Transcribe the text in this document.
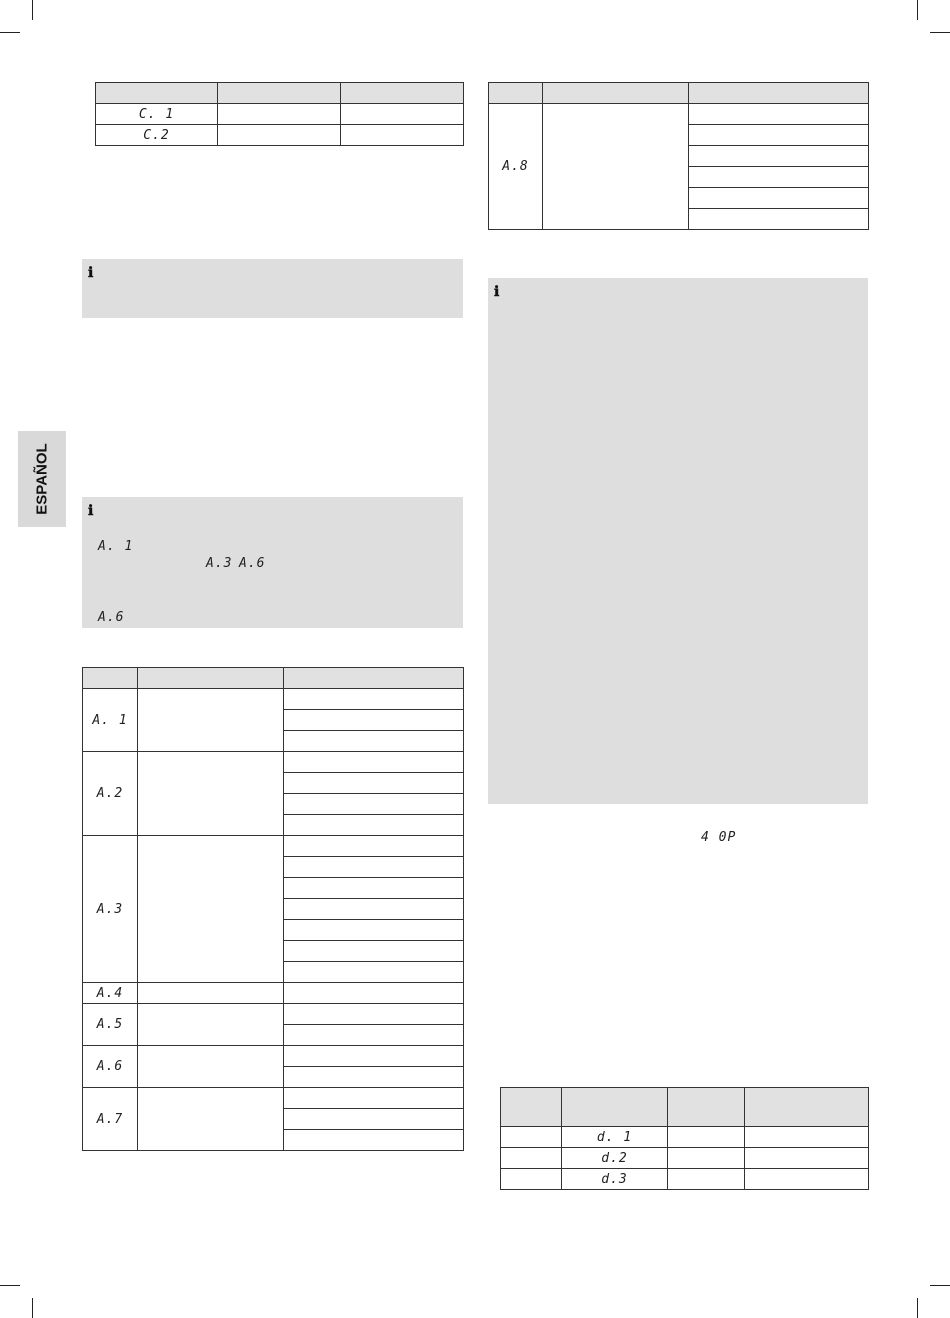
ESPAÑOL

C. 1		
C.2		
ℹ
ℹ
A. 1
A.3 A.6
A.6

A. 1		

A.2		

A.3		

A.4		
A.5		

A.6		

A.7		

A.8		

ℹ
4 0P

	d. 1		
	d.2		
	d.3		
